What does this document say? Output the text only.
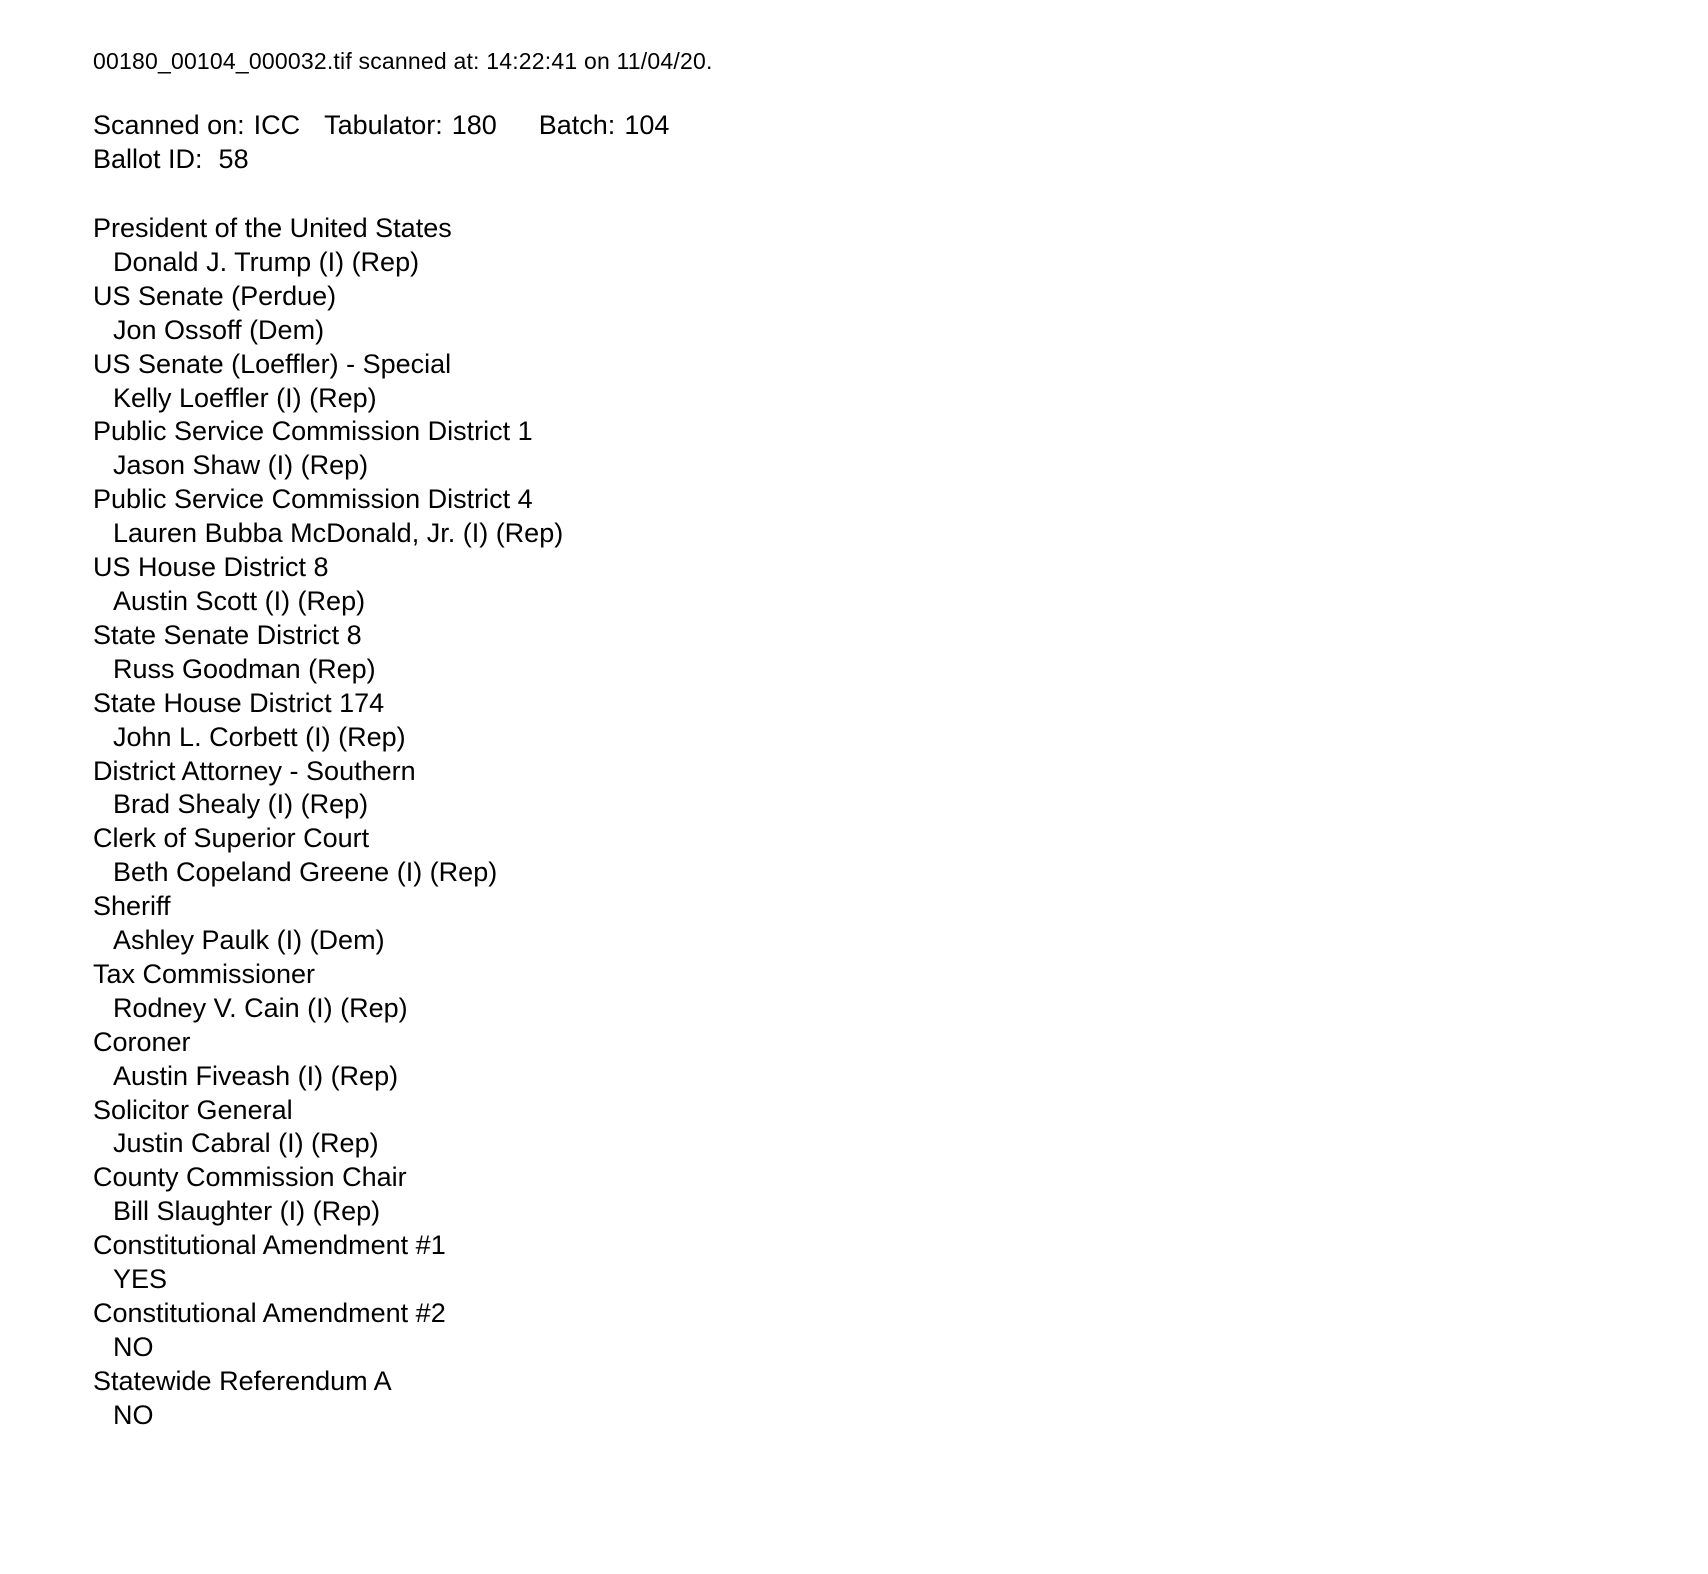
00180_00104_000032.tif scanned at: 14:22:41 on 11/04/20.
Scanned on: ICC Tabulator: 180 Batch: 104
Ballot ID: 58
President of the United States
Donald J. Trump (I) (Rep)
US Senate (Perdue)
Jon Ossoff (Dem)
US Senate (Loeffler) - Special
Kelly Loeffler (I) (Rep)
Public Service Commission District 1
Jason Shaw (I) (Rep)
Public Service Commission District 4
Lauren Bubba McDonald, Jr. (I) (Rep)
US House District 8
Austin Scott (I) (Rep)
State Senate District 8
Russ Goodman (Rep)
State House District 174
John L. Corbett (I) (Rep)
District Attorney - Southern
Brad Shealy (I) (Rep)
Clerk of Superior Court
Beth Copeland Greene (I) (Rep)
Sheriff
Ashley Paulk (I) (Dem)
Tax Commissioner
Rodney V. Cain (I) (Rep)
Coroner
Austin Fiveash (I) (Rep)
Solicitor General
Justin Cabral (I) (Rep)
County Commission Chair
Bill Slaughter (I) (Rep)
Constitutional Amendment #1
YES
Constitutional Amendment #2
NO
Statewide Referendum A
NO
